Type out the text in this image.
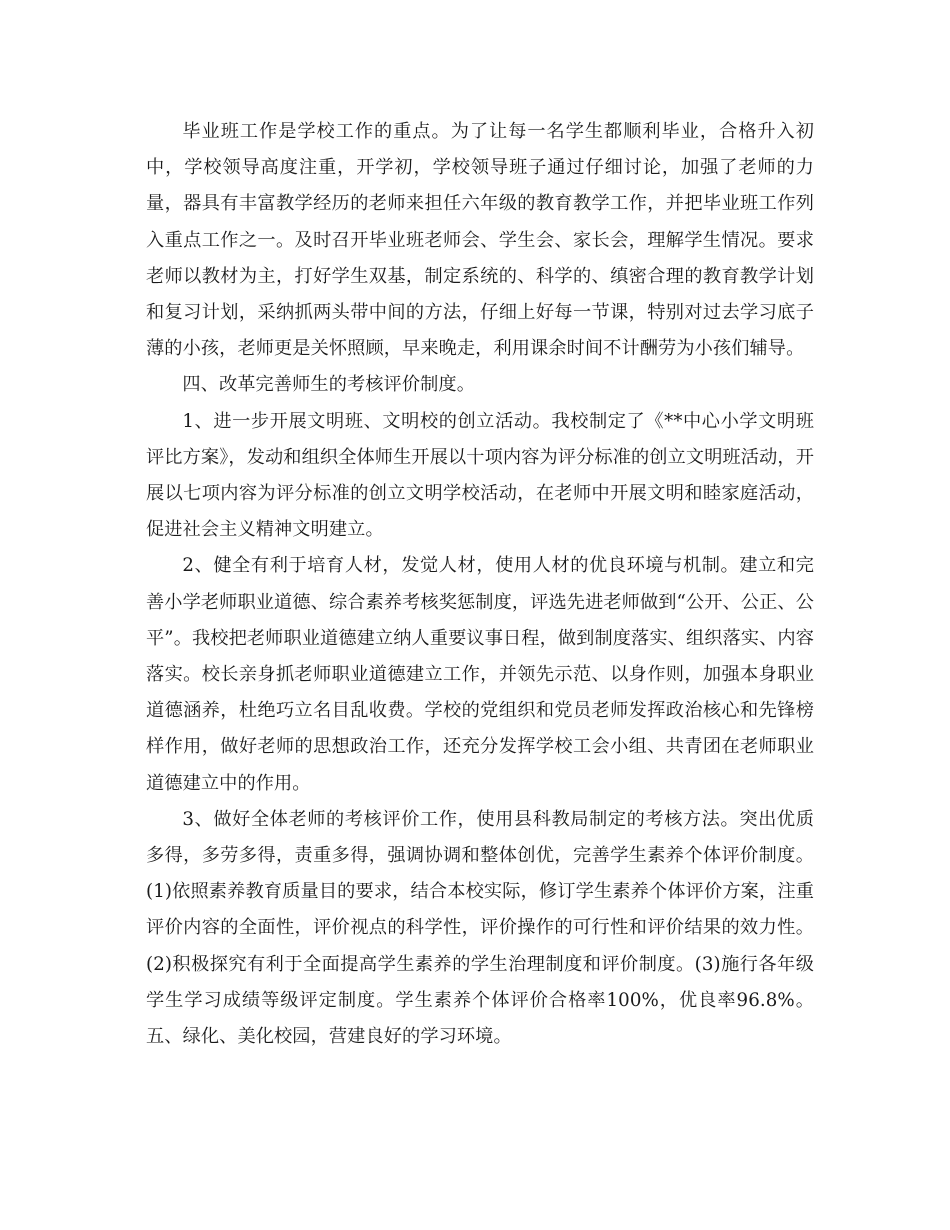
毕业班工作是学校工作的重点。为了让每一名学生都顺利毕业，合格升入初中，学校领导高度注重，开学初，学校领导班子通过仔细讨论，加强了老师的力量，器具有丰富教学经历的老师来担任六年级的教育教学工作，并把毕业班工作列入重点工作之一。及时召开毕业班老师会、学生会、家长会，理解学生情况。要求老师以教材为主，打好学生双基，制定系统的、科学的、缜密合理的教育教学计划和复习计划，采纳抓两头带中间的方法，仔细上好每一节课，特别对过去学习底子薄的小孩，老师更是关怀照顾，早来晚走，利用课余时间不计酬劳为小孩们辅导。

四、改革完善师生的考核评价制度。

1、进一步开展文明班、文明校的创立活动。我校制定了《**中心小学文明班评比方案》，发动和组织全体师生开展以十项内容为评分标准的创立文明班活动，开展以七项内容为评分标准的创立文明学校活动，在老师中开展文明和睦家庭活动，促进社会主义精神文明建立。

2、健全有利于培育人材，发觉人材，使用人材的优良环境与机制。建立和完善小学老师职业道德、综合素养考核奖惩制度，评选先进老师做到“公开、公正、公平”。我校把老师职业道德建立纳人重要议事日程，做到制度落实、组织落实、内容落实。校长亲身抓老师职业道德建立工作，并领先示范、以身作则，加强本身职业道德涵养，杜绝巧立名目乱收费。学校的党组织和党员老师发挥政治核心和先锋榜样作用，做好老师的思想政治工作，还充分发挥学校工会小组、共青团在老师职业道德建立中的作用。

3、做好全体老师的考核评价工作，使用县科教局制定的考核方法。突出优质多得，多劳多得，责重多得，强调协调和整体创优，完善学生素养个体评价制度。(1)依照素养教育质量目的要求，结合本校实际，修订学生素养个体评价方案，注重评价内容的全面性，评价视点的科学性，评价操作的可行性和评价结果的效力性。(2)积极探究有利于全面提高学生素养的学生治理制度和评价制度。(3)施行各年级学生学习成绩等级评定制度。学生素养个体评价合格率100%，优良率96.8%。五、绿化、美化校园，营建良好的学习环境。
